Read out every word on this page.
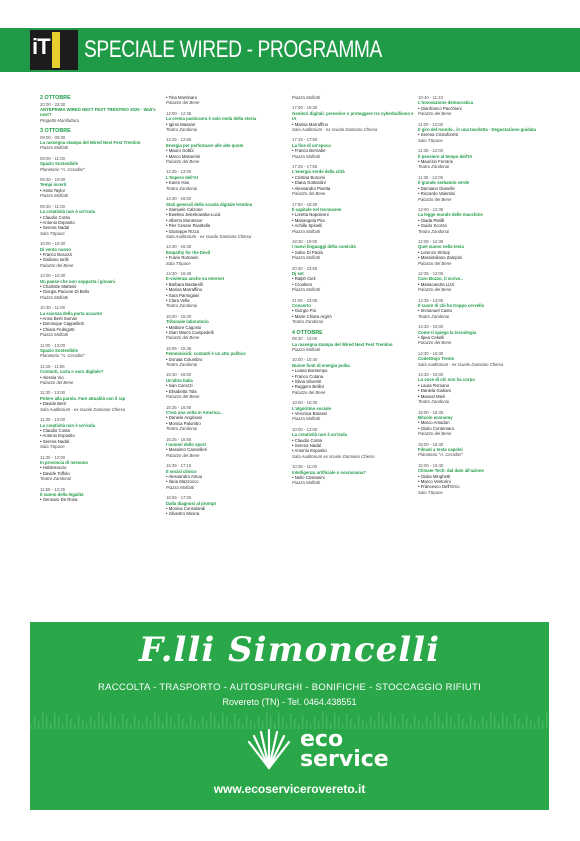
iT SPECIALE WIRED - PROGRAMMA
2 OTTOBRE
20:00 - 22:30
ANTEPRIMA WIRED NEXT FEST TRENTINO 2025 - Wait's next?
Progetto Manifattura
3 OTTOBRE
09:00 - 09:30
La rassegna stampa del Wired Next Fest Trentino
Piazza Malfatti
09:00 - 11:00
Spazio Sostenibile
Planetario "A. Ceradini"
09:30 - 10:00
Tempi incerti
• Astra Taylor
Piazza Malfatti
09:30 - 11:00
La creatività non è un'isola
• Claudio Conta
• Antonio Esposito
• Serena Nadal
Sala TSpace
10:00 - 10:30
Di vento nuovo
• Franco Bosozzi
• Giuliano Iurilli
Palazzo del Bene
10:00 - 10:30
Un paese che non sopporta i giovani
• Charlotte Matteini
• Giorgia Pacione Di Bello
Piazza Malfatti
10:30 - 11:00
La scienza della porta accanto
• Anna Berti Suman
• Dominque Cappelletti
• Chiara Fedrigotti
Piazza Malfatti
11:00 - 13:00
Spazio Sostenibile
Planetario "A. Ceradini"
11:25 - 11:55
Contanti, carta o euro digitale?
• Alessia Vio
Palazzo del Bene
11:30 - 13:00
Potere alla parola. Fare attualità con il rap
• Davide Berri
Sala Auditorium - ex scuole Damiano Chiesa
11:30 - 13:00
La creatività non è un'isola
• Claudio Conta
• Antonio Esposito
• Serena Nadal
Sala TSpace
11:30 - 12:00
In provincia di nessuno
• Holdenaccio
• Davide Toffolo
Teatro Zandonai
11:55 - 12:25
Il suono della legalità
• Gennaro De Rosa
• Tina Montinaro
Palazzo del Bene
12:00 - 12:35
La crema pasticcera è solo metà della storia
• Iginio Massari
Teatro Zandonai
12:25 - 12:55
Energia per performare alle alte quote
• Mauro Gobbi
• Marco Masserini
Palazzo del Bene
12:35 - 13:05
L'Impero dell'AI
• Karen Hao
Teatro Zandonai
14:30 - 16:00
Stati generali della scuola digitale trentina
• Samuele Calzone
• Ewelina Jelenkowska-Lucà
• Alberto Montresor
• Pier Cesare Rivoltella
• Giuseppe Rizza
Sala Auditorium - ex scuole Damiano Chiesa
14:30 - 16:30
Empathy for the Devil
• Fulvio Romanin
Sala TSpace
14:30 - 15:45
E-violenza anche su Internet
• Barbara Bastarelli
• Marisa Marraffino
• Sara Parmigiani
• Clara Vella
Teatro Zandonai
15:00 - 15:30
Tribunale laboratorio
• Mattiore Cagossi
• Gian Marco Campedelli
Palazzo del Bene
15:05 - 15:35
Femminicidi: costanti è un atto politico
• Donata Columbro
Teatro Zandonai
15:30 - 16:00
Un'altra Italia
• Ivan Carozzi
• Elisabetta Tola
Palazzo del Bene
15:35 - 16:05
C'era una volta in America..
• Daniele Angrisani
• Monica Palumbo
Teatro Zandonai
16:25 - 16:55
I numeri dello sport
• Massimo Cancellieri
Palazzo del Bene
16:35 - 17:15
Il social clinico
• Alessandro Amou
• Ilaria Mazzocco
Piazza Malfatti
16:55 - 17:25
Dalla diagnosi al prompt
• Monica Consolandi
• Silvestro Micera
Piazza Malfatti
17:00 - 18:30
Genitori digitali: prevenire o proteggere tra cyberbullismo e IA
• Marisa Marraffino
Sala Auditorium - ex scuole Damiano Chiesa
17:15 - 17:50
La fine di un'epoca
• Franco Bernabè
Piazza Malfatti
17:25 - 17:55
L'energia verde della città
• Cristina Bonomi
• Diana Gottardini
• Alessandro Pisetta
Palazzo del Bene
17:50 - 18:30
Il capitale nel tecnocene
• Loretta Napoleoni
• Mariangela Pira
• Achille Spinelli
Piazza Malfatti
18:30 - 19:00
I nuovi linguaggi della comicità
• Salvo Di Paola
Piazza Malfatti
20:30 - 23:55
Dj set
• Ralph Cieli
• Crookers
Piazza Malfatti
21:05 - 23:05
Concerto
• Giorgio Poi
• Marie Chiara Argirò
Teatro Zandonai
4 OTTOBRE
09:30 - 10:00
La rassegna stampa del Wired Next Fest Trentino
Piazza Malfatti
10:00 - 10:40
Nuove fonti di energia pulita
• Luana Bontempo
• Franco Cotana
• Silvia Silvestri
• Ruggero Bellini
Palazzo del Bene
10:00 - 10:30
L'algoritmo sociale
• Veronica Barassi
Piazza Malfatti
10:00 - 12:00
La creatività non è un'isola
• Claudio Conta
• Serena Nadal
• Antonio Esposito
Sala Auditorium ex scuole Damiano Chiesa
10:30 - 11:00
Intelligenza artificiale o sovrumana?
• Nello Cristianini
Piazza Malfatti
10:40 - 11:10
L'innovazione democratica
• Gianfranco Pacchioni
Palazzo del Bene
11:00 - 12:00
Il giro del mondo.. in una tavoletta - Degustazione guidata
• Serena Cristoforetti
Sala TSpace
11:30 - 12:00
Il pensiero al tempo dell'IA
• Maurizio Ferraris
Teatro Zandonai
11:35 - 12:05
Il grande serbatoio verde
• Damiano Gianelle
• Riccardo Valentini
Palazzo del Bene
12:00 - 12:35
La legge morale delle macchine
• Giada Pistilli
• Guido Scorza
Teatro Zandonai
12:05 - 12:35
Quel suono nella testa
• Lorenzo Strinqi
• Massimiliano Zampini
Palazzo del Bene
12:35 - 12:05
Caro Buzzo, ti scrivo..
• Mariacandra Lizzi
Palazzo del Bene
12:35 - 13:05
Il cuore di chi ha troppo cervello
• Immanuel Casto
Teatro Zandonai
14:30 - 15:00
Come ti spiego la tecnologia
• Ilpea Cekelli
Palazzo del Bene
14:30 - 16:30
CoderDojo Trento
Sala Auditorium - ex scuole Damiano Chiesa
14:30 - 15:00
La voce di chi non ha corpo
• Laura Romano
• Daniela Giuliani
• Manuel Mieli
Teatro Zandonai
15:00 - 15:35
Bitcoin economy
• Marco Amadori
• Giulio Contemaro
Palazzo del Bene
15:00 - 15:30
Filmati a testa capolei
Planetario "A. Ceradini"
15:00 - 15:40
Climate Tech: dal dato all'azione
• Giulia Minghetti
• Marco Venturini
• Francesco Dell'Orco
Sala TSpace
F.lli Simoncelli
RACCOLTA - TRASPORTO - AUTOSPURGHI - BONIFICHE - STOCCAGGIO RIFIUTI
Rovereto (TN) - Tel. 0464.438551
eco
service
www.ecoservicerovereto.it
